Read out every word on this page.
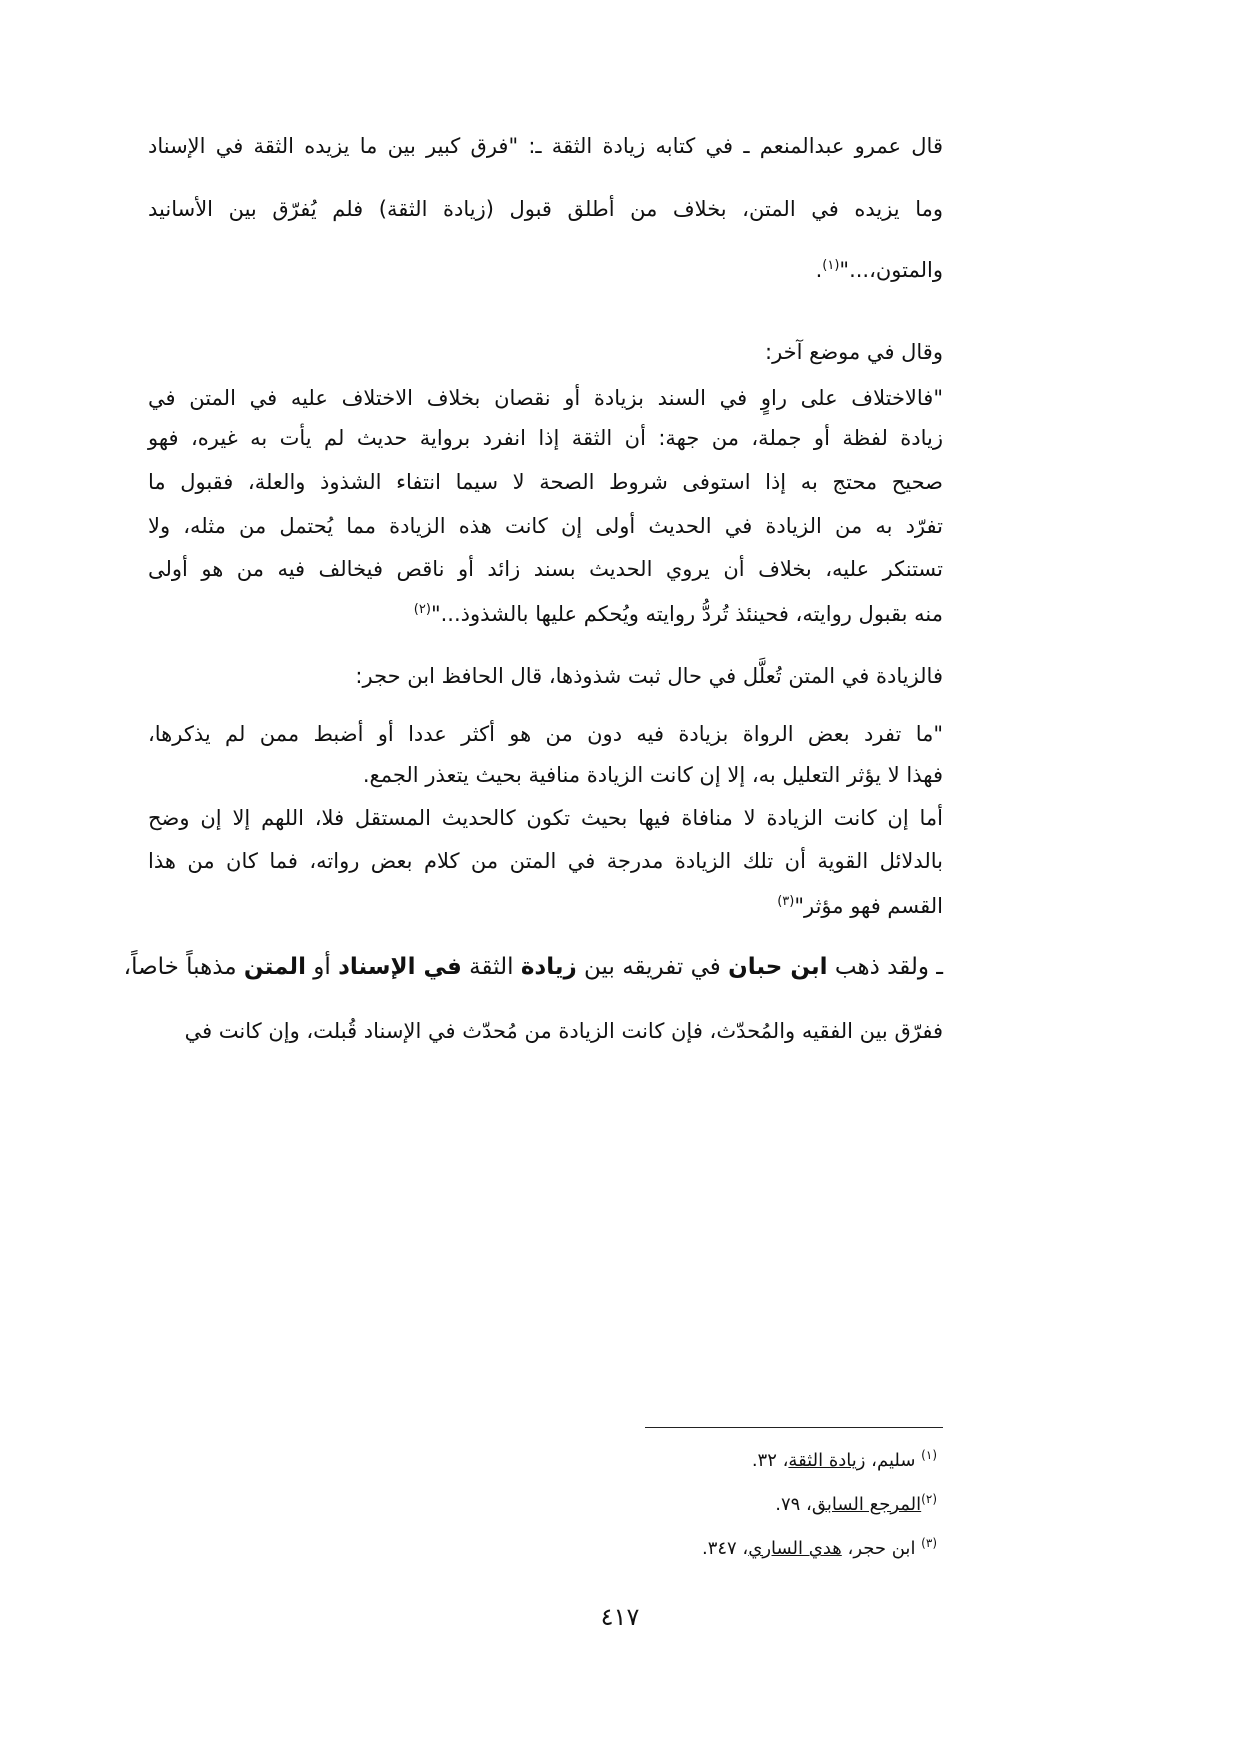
قال عمرو عبدالمنعم ـ في كتابه زيادة الثقة ـ: "فرق كبير بين ما يزيده الثقة في الإسناد
وما يزيده في المتن، بخلاف من أطلق قبول (زيادة الثقة) فلم يُفرّق بين الأسانيد
والمتون،..."$^{(١)}$.
وقال في موضع آخر:
"فالاختلاف على راوٍ في السند بزيادة أو نقصان بخلاف الاختلاف عليه في المتن في
زيادة لفظة أو جملة، من جهة: أن الثقة إذا انفرد برواية حديث لم يأت به غيره، فهو
صحيح محتج به إذا استوفى شروط الصحة لا سيما انتفاء الشذوذ والعلة، فقبول ما
تفرّد به من الزيادة في الحديث أولى إن كانت هذه الزيادة مما يُحتمل من مثله، ولا
تستنكر عليه، بخلاف أن يروي الحديث بسند زائد أو ناقص فيخالف فيه من هو أولى
منه بقبول روايته، فحينئذ تُردُّ روايته ويُحكم عليها بالشذوذ..."$^{(٢)}$
فالزيادة في المتن تُعلَّل في حال ثبت شذوذها، قال الحافظ ابن حجر:
"ما تفرد بعض الرواة بزيادة فيه دون من هو أكثر عددا أو أضبط ممن لم يذكرها،
فهذا لا يؤثر التعليل به، إلا إن كانت الزيادة منافية بحيث يتعذر الجمع.
أما إن كانت الزيادة لا منافاة فيها بحيث تكون كالحديث المستقل فلا، اللهم إلا إن وضح
بالدلائل القوية أن تلك الزيادة مدرجة في المتن من كلام بعض رواته، فما كان من هذا
القسم فهو مؤثر"$^{(٣)}$
ـ ولقد ذهب ابن حبان في تفريقه بين زيادة الثقة في الإسناد أو المتن مذهباً خاصاً،
ففرّق بين الفقيه والمُحدّث، فإن كانت الزيادة من مُحدّث في الإسناد قُبلت، وإن كانت في
$^{(١)}$ سليم، زيادة الثقة، ٣٢.
$^{(٢)}$المرجع السابق، ٧٩.
$^{(٣)}$ ابن حجر، هدي الساري، ٣٤٧.
٤١٧
